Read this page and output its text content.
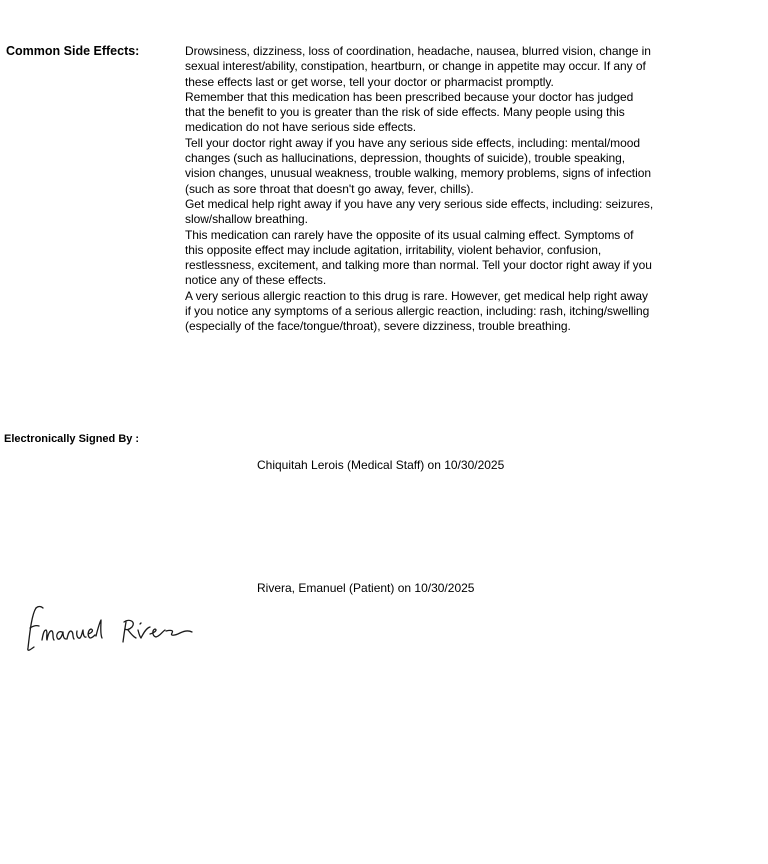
Common Side Effects:	Drowsiness, dizziness, loss of coordination, headache, nausea, blurred vision, change in sexual interest/ability, constipation, heartburn, or change in appetite may occur. If any of these effects last or get worse, tell your doctor or pharmacist promptly.

Remember that this medication has been prescribed because your doctor has judged that the benefit to you is greater than the risk of side effects. Many people using this medication do not have serious side effects.

Tell your doctor right away if you have any serious side effects, including: mental/mood changes (such as hallucinations, depression, thoughts of suicide), trouble speaking, vision changes, unusual weakness, trouble walking, memory problems, signs of infection (such as sore throat that doesn't go away, fever, chills).

Get medical help right away if you have any very serious side effects, including: seizures, slow/shallow breathing.

This medication can rarely have the opposite of its usual calming effect. Symptoms of this opposite effect may include agitation, irritability, violent behavior, confusion, restlessness, excitement, and talking more than normal. Tell your doctor right away if you notice any of these effects.

A very serious allergic reaction to this drug is rare. However, get medical help right away if you notice any symptoms of a serious allergic reaction, including: rash, itching/swelling (especially of the face/tongue/throat), severe dizziness, trouble breathing.

Electronically Signed By :
Chiquitah Lerois (Medical Staff) on 10/30/2025
Rivera, Emanuel (Patient) on 10/30/2025
